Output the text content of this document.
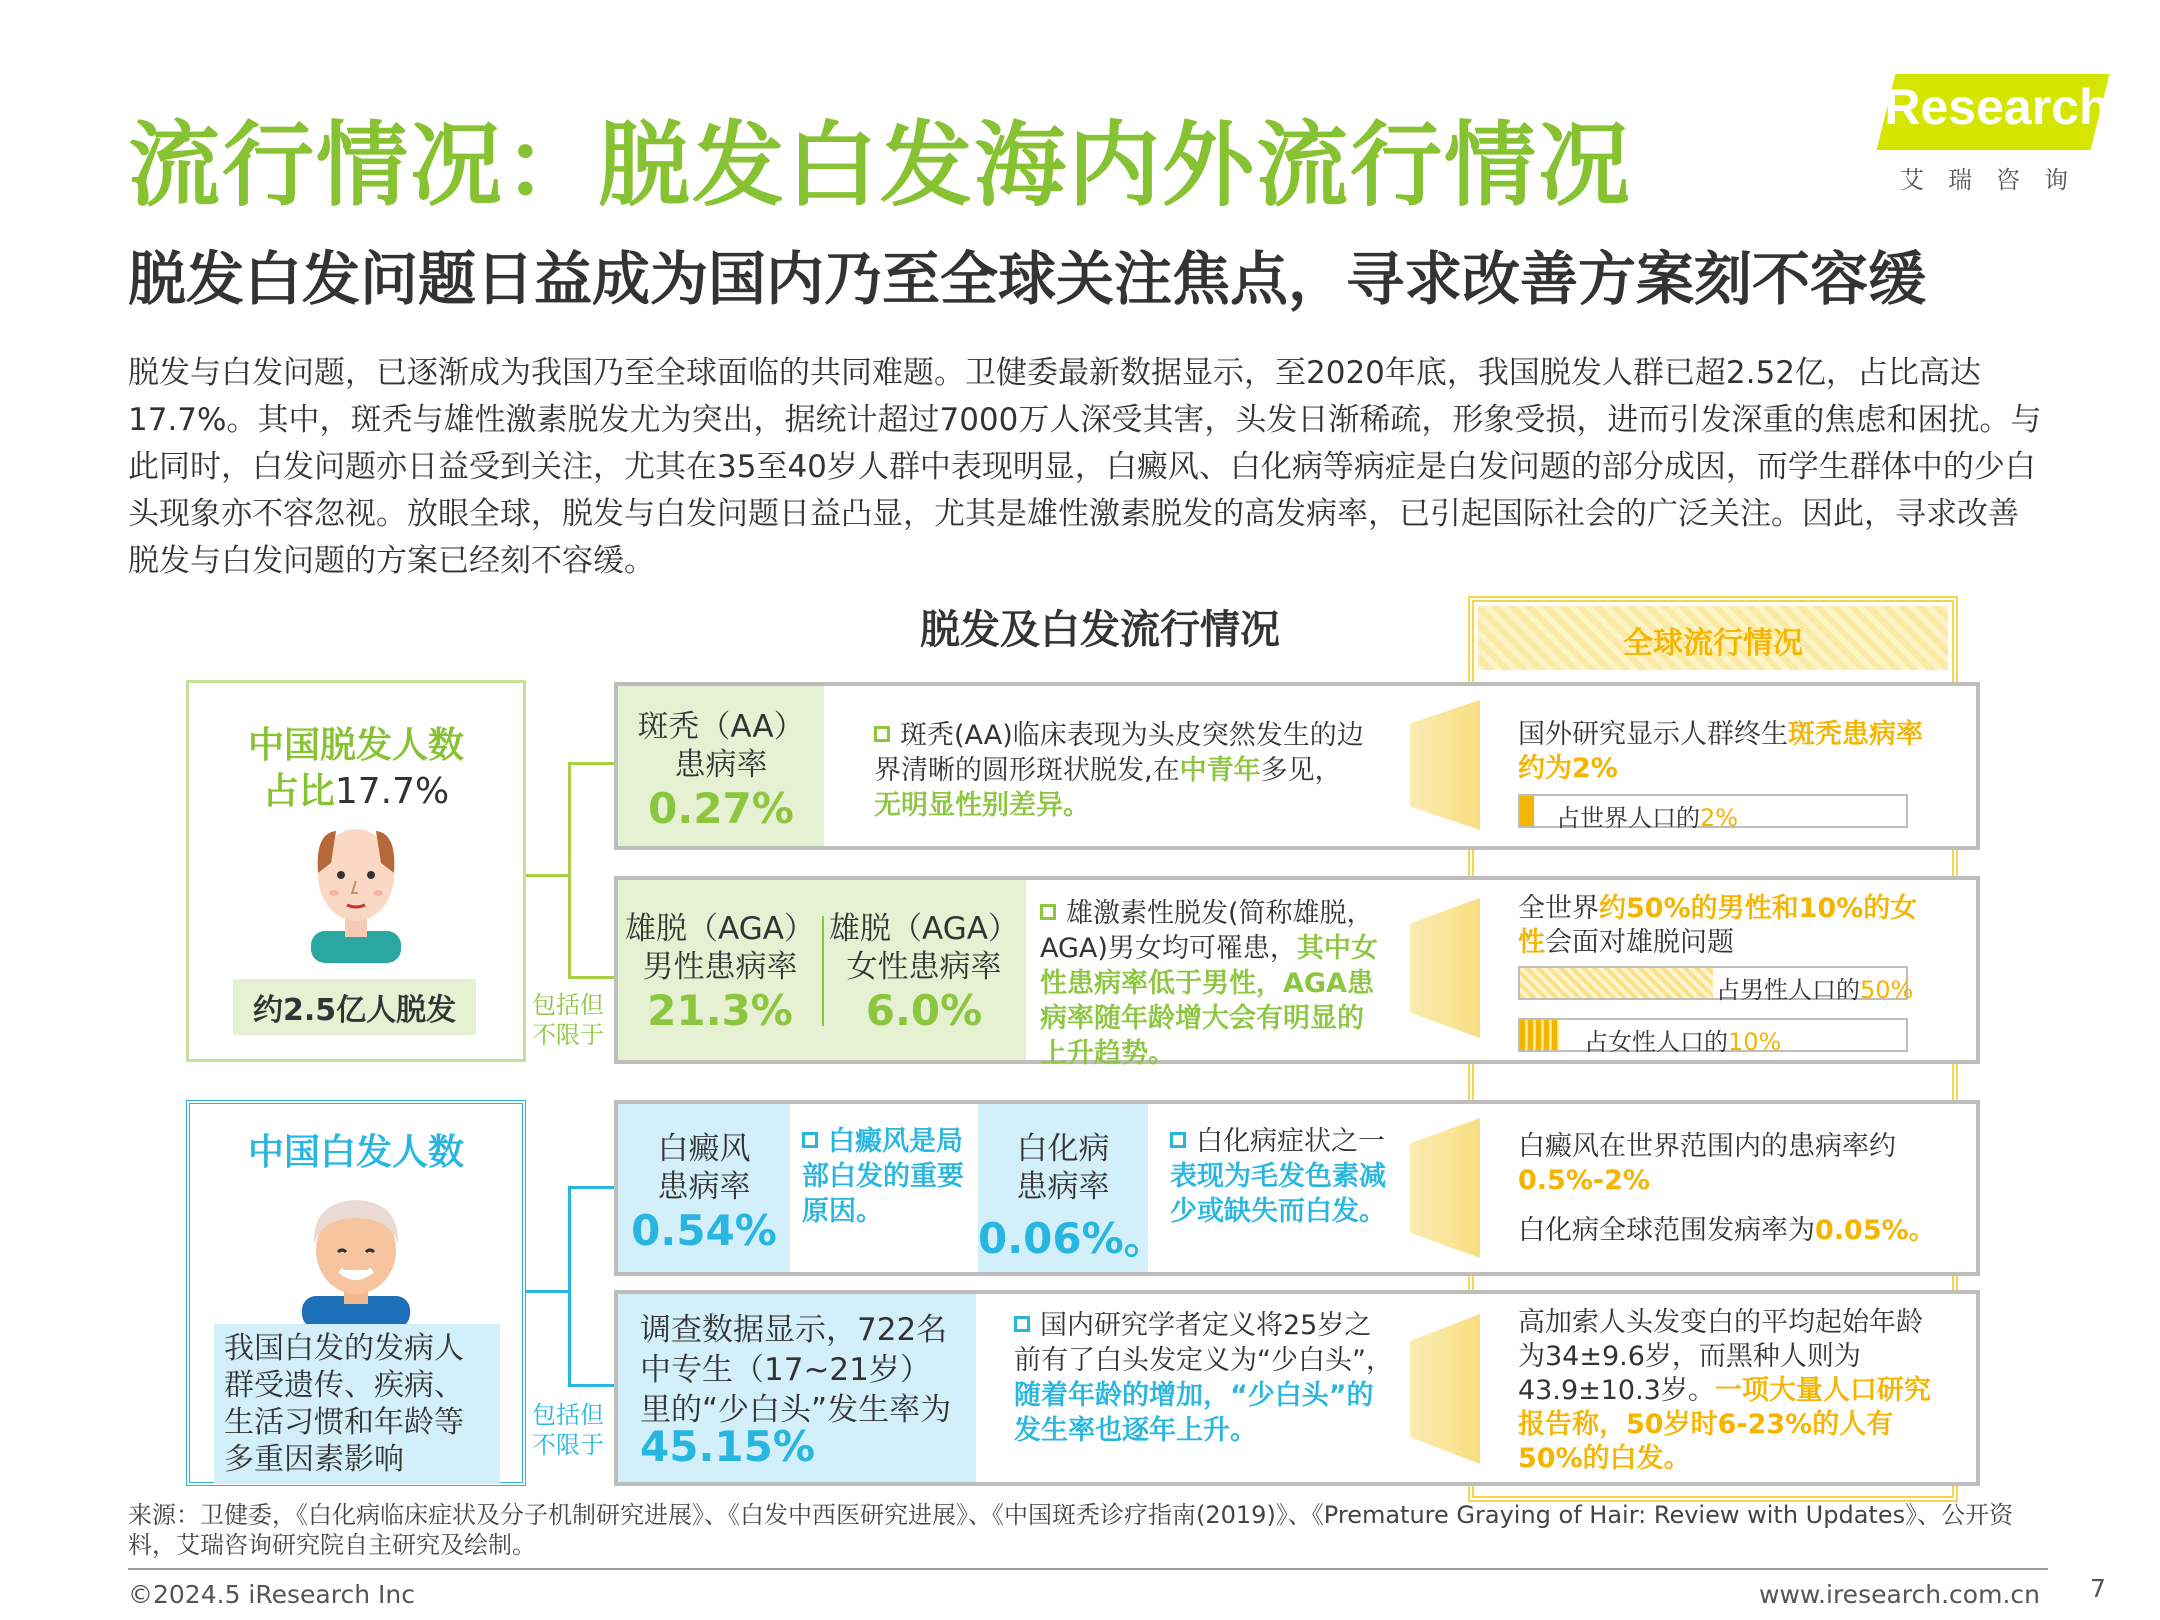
流行情况：脱发白发海内外流行情况
脱发白发问题日益成为国内乃至全球关注焦点，寻求改善方案刻不容缓
iResearch
艾瑞咨询
脱发与白发问题，已逐渐成为我国乃至全球面临的共同难题。卫健委最新数据显示，至2020年底，我国脱发人群已超2.52亿，占比高达17.7%。其中，斑秃与雄性激素脱发尤为突出，据统计超过7000万人深受其害，头发日渐稀疏，形象受损，进而引发深重的焦虑和困扰。与此同时，白发问题亦日益受到关注，尤其在35至40岁人群中表现明显，白癜风、白化病等病症是白发问题的部分成因，而学生群体中的少白头现象亦不容忽视。放眼全球，脱发与白发问题日益凸显，尤其是雄性激素脱发的高发病率，已引起国际社会的广泛关注。因此，寻求改善脱发与白发问题的方案已经刻不容缓。
脱发及白发流行情况	全球流行情况
中国脱发人数
占比17.7%
约2.5亿人脱发	包括但
不限于
斑秃（AA）
患病率
0.27%
斑秃(AA)临床表现为头皮突然发生的边界清晰的圆形斑状脱发,在中青年多见，无明显性别差异。
国外研究显示人群终生斑秃患病率约为2%
占世界人口的2%
雄脱（AGA）
男性患病率
21.3%
雄脱（AGA）
女性患病率
6.0%
雄激素性脱发(简称雄脱，AGA)男女均可罹患，其中女性患病率低于男性，AGA患病率随年龄增大会有明显的上升趋势。
全世界约50%的男性和10%的女性会面对雄脱问题
占男性人口的50%
占女性人口的10%
中国白发人数
我国白发的发病人群受遗传、疾病、生活习惯和年龄等多重因素影响
包括但
不限于
白癜风
患病率
0.54%
白癜风是局部白发的重要原因。
白化病
患病率
0.06%。
白化病症状之一表现为毛发色素减少或缺失而白发。
白癜风在世界范围内的患病率约
0.5%-2%
白化病全球范围发病率为0.05%。
调查数据显示，722名中专生（17~21岁）里的“少白头”发生率为
45.15%
国内研究学者定义将25岁之前有了白头发定义为“少白头”，随着年龄的增加，“少白头”的发生率也逐年上升。
高加索人头发变白的平均起始年龄为34±9.6岁，而黑种人则为43.9±10.3岁。一项大量人口研究报告称，50岁时6-23%的人有50%的白发。
来源：卫健委，《白化病临床症状及分子机制研究进展》、《白发中西医研究进展》、《中国斑秃诊疗指南(2019)》、《Premature Graying of Hair: Review with Updates》、公开资料，艾瑞咨询研究院自主研究及绘制。
©2024.5 iResearch Inc	www.iresearch.com.cn 7
